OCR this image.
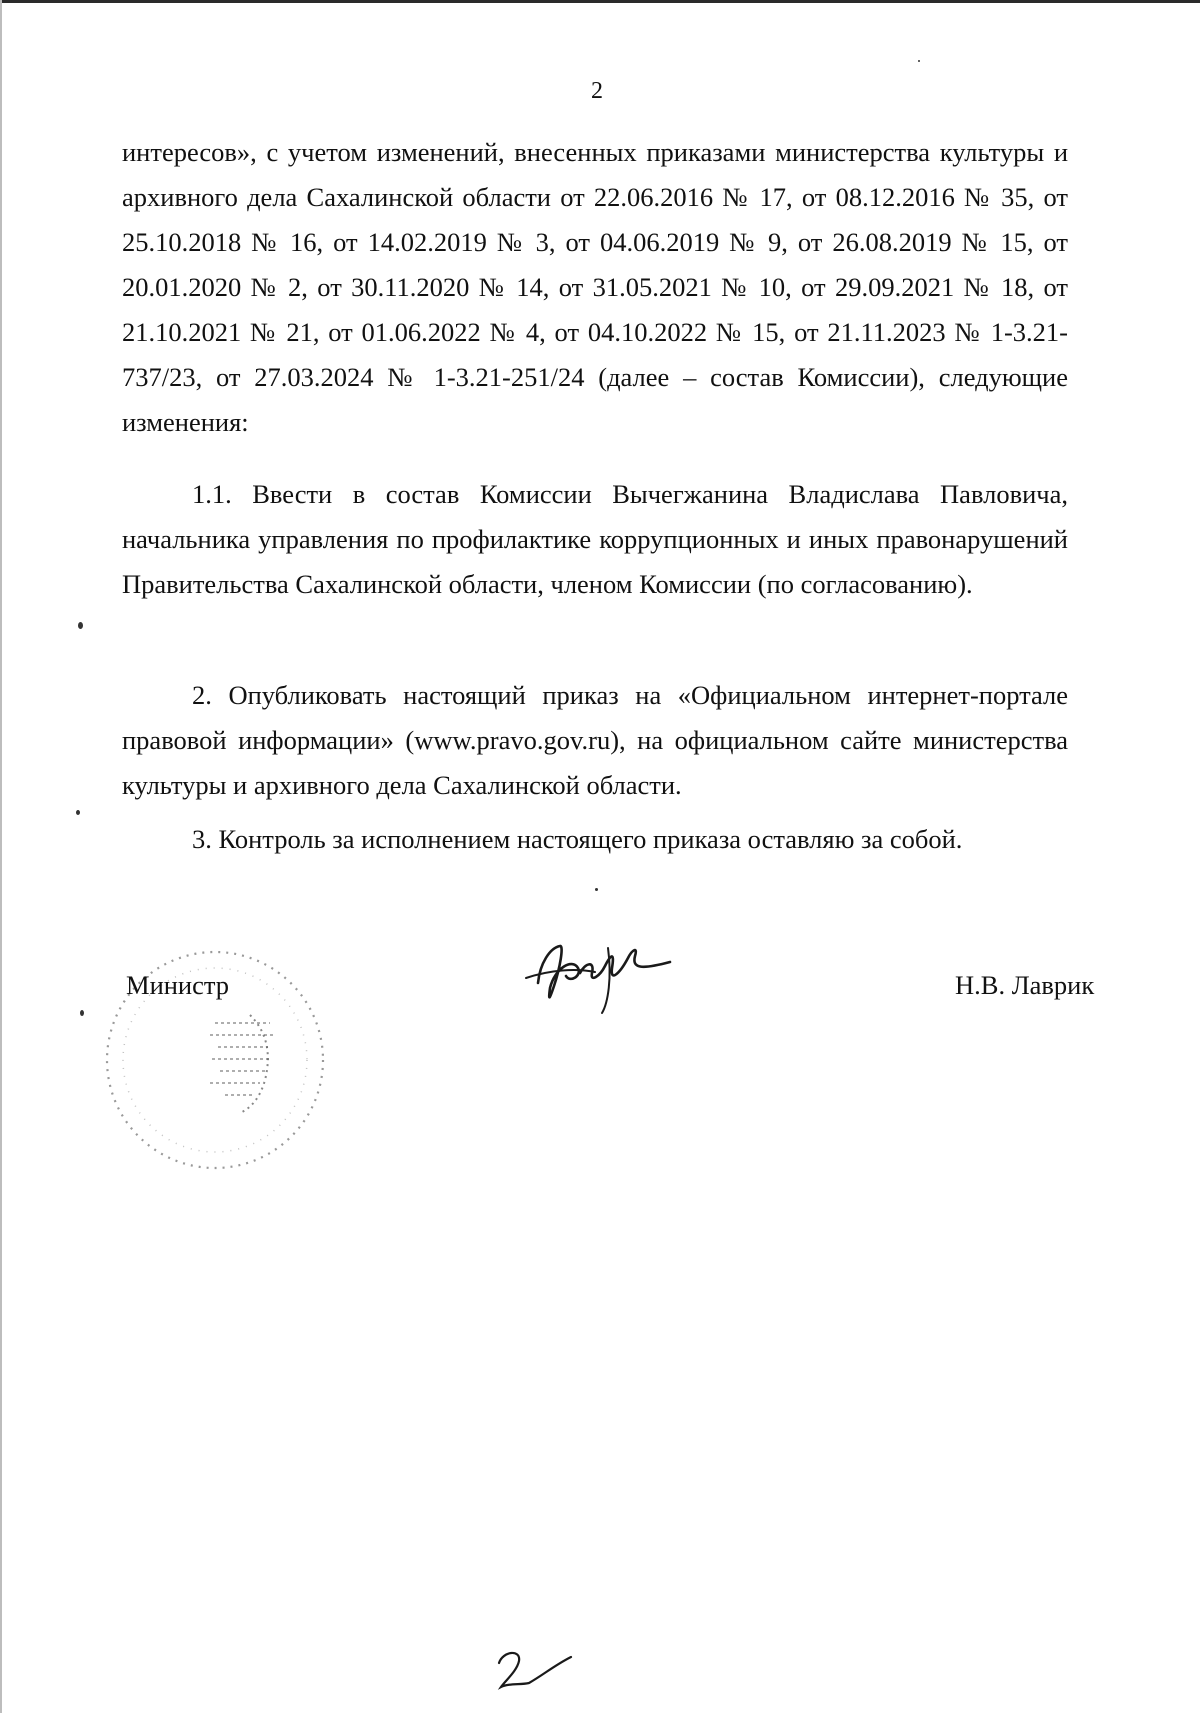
2

интересов», с учетом изменений, внесенных приказами министерства культуры и архивного дела Сахалинской области от 22.06.2016 № 17, от 08.12.2016 № 35, от 25.10.2018 № 16, от 14.02.2019 № 3, от 04.06.2019 № 9, от 26.08.2019 № 15, от 20.01.2020 № 2, от 30.11.2020 № 14, от 31.05.2021 № 10, от 29.09.2021 № 18, от 21.10.2021 № 21, от 01.06.2022 № 4, от 04.10.2022 № 15, от 21.11.2023 № 1-3.21-737/23, от 27.03.2024 № 1-3.21-251/24 (далее – состав Комиссии), следующие изменения:

1.1. Ввести в состав Комиссии Вычегжанина Владислава Павловича, начальника управления по профилактике коррупционных и иных правонарушений Правительства Сахалинской области, членом Комиссии (по согласованию).

2. Опубликовать настоящий приказ на «Официальном интернет-портале правовой информации» (www.pravo.gov.ru), на официальном сайте министерства культуры и архивного дела Сахалинской области.

3. Контроль за исполнением настоящего приказа оставляю за собой.

Министр	Н.В. Лаврик
